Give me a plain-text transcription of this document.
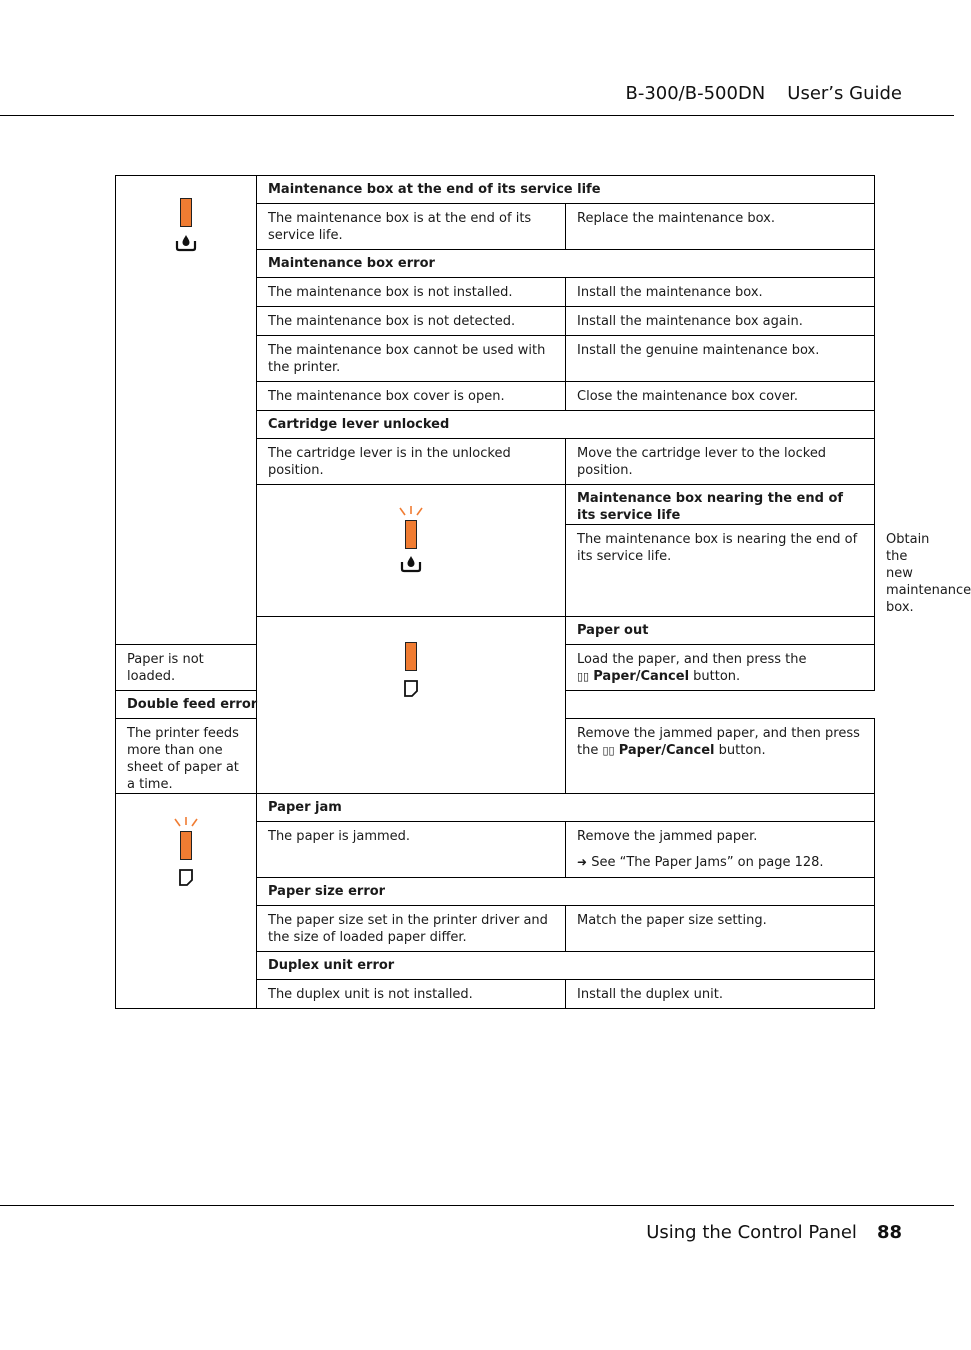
B-300/B-500DN User’s Guide
	Maintenance box at the end of its service life		
	The maintenance box is at the end of its service life.	Replace the maintenance box.	
	Maintenance box error		
	The maintenance box is not installed.	Install the maintenance box.	
	The maintenance box is not detected.	Install the maintenance box again.	
	The maintenance box cannot be used with the printer.	Install the genuine maintenance box.	
	The maintenance box cover is open.	Close the maintenance box cover.	
	Cartridge lever unlocked		
	The cartridge lever is in the unlocked position.	Move the cartridge lever to the locked position.	

	Maintenance box nearing the end of its service life	
		The maintenance box is nearing the end of its service life.	Obtain the new maintenance box.

	Paper out	
Paper is not loaded.		Load the paper, and then press the
▯▯ Paper/Cancel button.	
Double feed error			
The printer feeds more than one sheet of paper at a time.		Remove the jammed paper, and then press the ▯▯ Paper/Cancel button.	

	Paper jam		
	The paper is jammed.	Remove the jammed paper.
➜ See “The Paper Jams” on page 128.	

	Paper size error		
	The paper size set in the printer driver and the size of loaded paper differ.	Match the paper size setting.	
	Duplex unit error		
	The duplex unit is not installed.	Install the duplex unit.	
Using the Control Panel 88
